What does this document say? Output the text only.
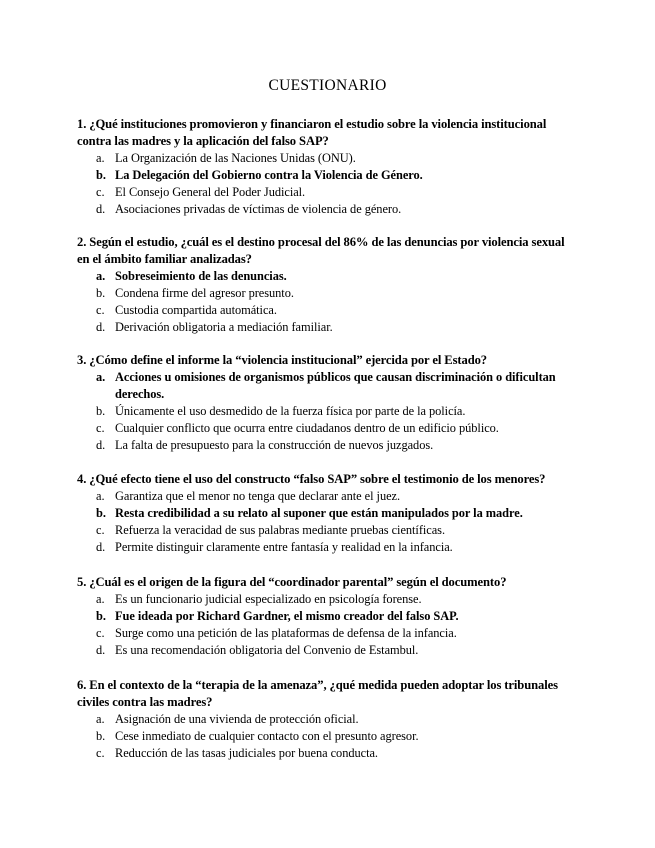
CUESTIONARIO

1. ¿Qué instituciones promovieron y financiaron el estudio sobre la violencia institucional contra las madres y la aplicación del falso SAP?

a. La Organización de las Naciones Unidas (ONU).
b. La Delegación del Gobierno contra la Violencia de Género.
c. El Consejo General del Poder Judicial.
d. Asociaciones privadas de víctimas de violencia de género.

2. Según el estudio, ¿cuál es el destino procesal del 86% de las denuncias por violencia sexual en el ámbito familiar analizadas?

a. Sobreseimiento de las denuncias.
b. Condena firme del agresor presunto.
c. Custodia compartida automática.
d. Derivación obligatoria a mediación familiar.

3. ¿Cómo define el informe la “violencia institucional” ejercida por el Estado?

a. Acciones u omisiones de organismos públicos que causan discriminación o dificultan derechos.
b. Únicamente el uso desmedido de la fuerza física por parte de la policía.
c. Cualquier conflicto que ocurra entre ciudadanos dentro de un edificio público.
d. La falta de presupuesto para la construcción de nuevos juzgados.

4. ¿Qué efecto tiene el uso del constructo “falso SAP” sobre el testimonio de los menores?

a. Garantiza que el menor no tenga que declarar ante el juez.
b. Resta credibilidad a su relato al suponer que están manipulados por la madre.
c. Refuerza la veracidad de sus palabras mediante pruebas científicas.
d. Permite distinguir claramente entre fantasía y realidad en la infancia.

5. ¿Cuál es el origen de la figura del “coordinador parental” según el documento?

a. Es un funcionario judicial especializado en psicología forense.
b. Fue ideada por Richard Gardner, el mismo creador del falso SAP.
c. Surge como una petición de las plataformas de defensa de la infancia.
d. Es una recomendación obligatoria del Convenio de Estambul.

6. En el contexto de la “terapia de la amenaza”, ¿qué medida pueden adoptar los tribunales civiles contra las madres?

a. Asignación de una vivienda de protección oficial.
b. Cese inmediato de cualquier contacto con el presunto agresor.
c. Reducción de las tasas judiciales por buena conducta.
